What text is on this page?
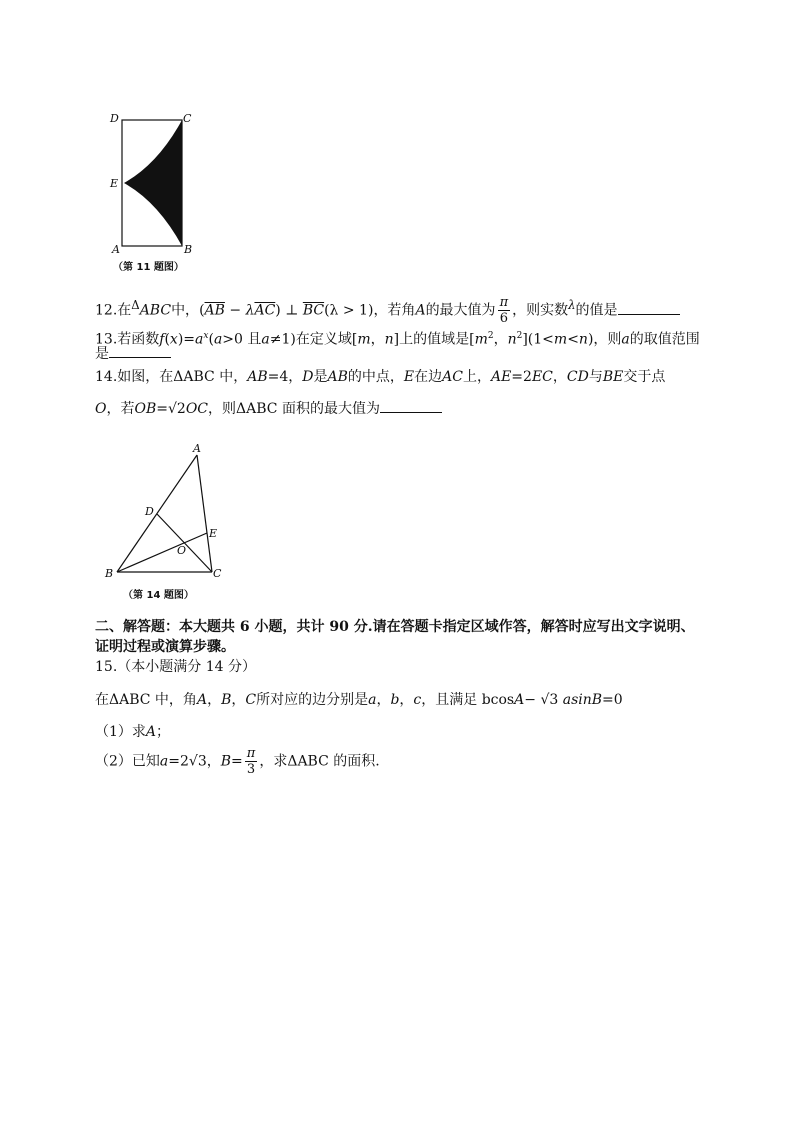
D	C
E
A	B
（第 11 题图）
12.在$^\Delta$ABC中，$(\overline{AB} - \lambda\overline{AC})$ ⊥ $\overline{BC}(\lambda > 1)$，若角A的最大值为 $\frac{\pi}{6}$ ，则实数$^\lambda$的值是
13.若函数$f(x)=a^x(a>0$ 且a≠1)在定义域[m，n]上的值域是[$m^2$，$n^2](1<m<n)$，则a的取值范围
是
14.如图，在ΔABC 中，AB=4，D是AB的中点，E在边AC上，AE=2EC，CD与BE交于点
O，若OB=√2OC，则ΔABC 面积的最大值为
A
D
E
O
B	C
（第 14 题图）
二、解答题：本大题共 6 小题，共计 90 分.请在答题卡指定区域作答，解答时应写出文字说明、
证明过程或演算步骤。
15.（本小题满分 14 分）
在ΔABC 中，角A，B，C所对应的边分别是a，b，c，且满足 bcosA− √3 asinB=0
（1）求A；
（2）已知a=2√3，$B= \frac{\pi}{3}$ ，求ΔABC 的面积.
